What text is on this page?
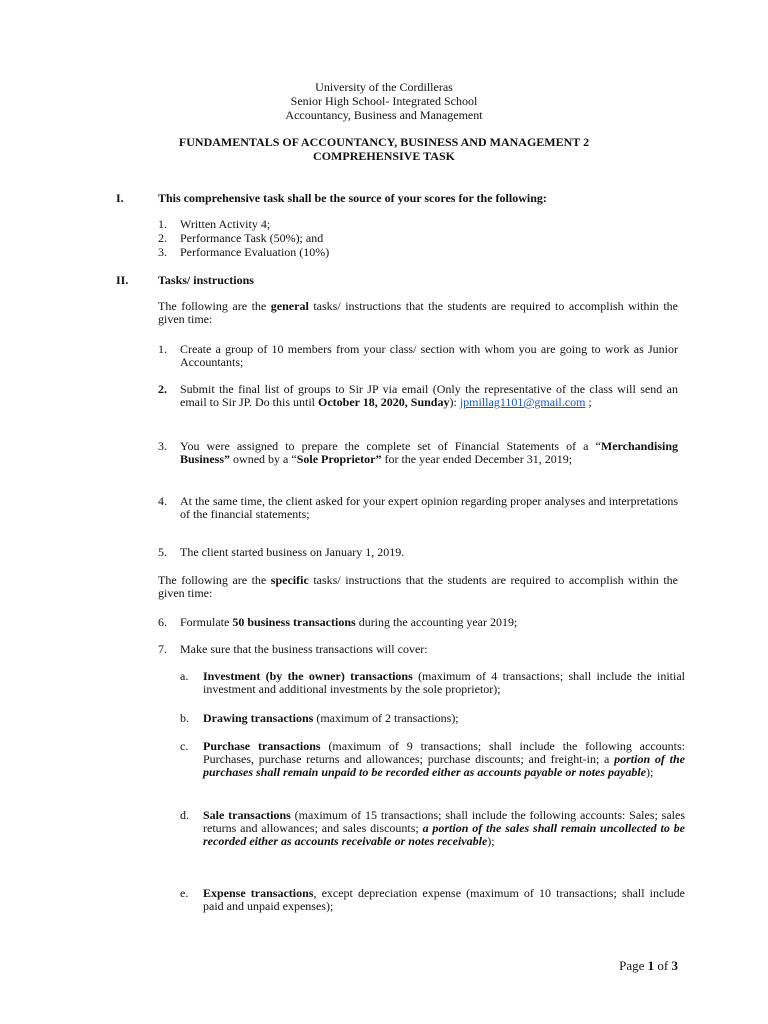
University of the Cordilleras
Senior High School- Integrated School
Accountancy, Business and Management
FUNDAMENTALS OF ACCOUNTANCY, BUSINESS AND MANAGEMENT 2
COMPREHENSIVE TASK
I.	This comprehensive task shall be the source of your scores for the following:
1. Written Activity 4;
2. Performance Task (50%); and
3. Performance Evaluation (10%)
II. Tasks/ instructions
The following are the general tasks/ instructions that the students are required to accomplish within the given time:
1. Create a group of 10 members from your class/ section with whom you are going to work as Junior Accountants;
2. Submit the final list of groups to Sir JP via email (Only the representative of the class will send an email to Sir JP. Do this until October 18, 2020, Sunday): jpmillag1101@gmail.com ;
3. You were assigned to prepare the complete set of Financial Statements of a “Merchandising Business” owned by a “Sole Proprietor” for the year ended December 31, 2019;
4. At the same time, the client asked for your expert opinion regarding proper analyses and interpretations of the financial statements;
5. The client started business on January 1, 2019.
The following are the specific tasks/ instructions that the students are required to accomplish within the given time:
6. Formulate 50 business transactions during the accounting year 2019;
7. Make sure that the business transactions will cover:
a. Investment (by the owner) transactions (maximum of 4 transactions; shall include the initial investment and additional investments by the sole proprietor);
b. Drawing transactions (maximum of 2 transactions);
c. Purchase transactions (maximum of 9 transactions; shall include the following accounts: Purchases, purchase returns and allowances; purchase discounts; and freight-in; a portion of the purchases shall remain unpaid to be recorded either as accounts payable or notes payable);
d. Sale transactions (maximum of 15 transactions; shall include the following accounts: Sales; sales returns and allowances; and sales discounts; a portion of the sales shall remain uncollected to be recorded either as accounts receivable or notes receivable);
e. Expense transactions, except depreciation expense (maximum of 10 transactions; shall include paid and unpaid expenses);
Page 1 of 3
